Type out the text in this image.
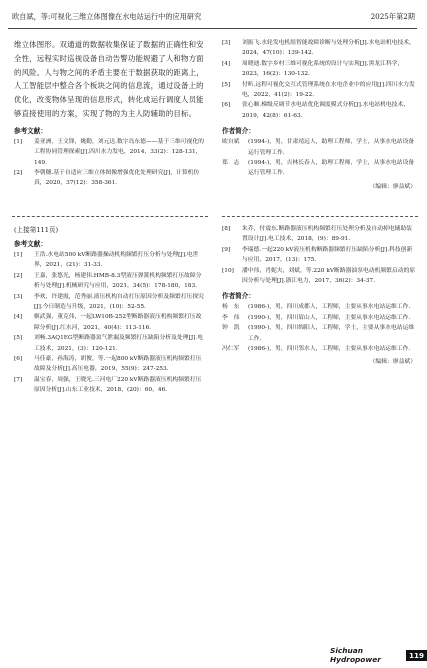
欧自斌，等:可视化三维立体图像在水电站运行中的应用研究	2025年第2期

维立体图形。双通道的数据收集保证了数据的正确性和安全性，远程实时巡视设备自动告警功能规避了人和物方面的风险。人与物之间的矛盾主要在于数据获取的距离上，人工智能层中整合各个板块之间的信息流，通过设备上的优化，改变物体呈现的信息形式，转化成运行调度人员能够直接使用的方案，实现了物的为主人防辅助的目标。

参考文献：
[1]	姜亚洲，王文锋，姚勤，刘元达.数字岛东德——基于三维可视化的工程协同管理探索[J].四川水力发电，2014，33(2)：128-131，149.
[2]	李朝穗.基于自适应三维立体图像增强优化处理研究[J]，计算机仿真，2020，37(12)：358-361.
[3]	刘振飞.水轮发电机组智能故障诊断与处理分析[J].水电站机电技术，2024，47(10)：139-142.
[4]	周晓迪.数字乡村三维可视化系统的设计与实现[J].黑龙江科学，2023，16(2)：130-132.
[5]	付昕.远程可视化交互式管理系统在水电企业中的应用[J].四川水力发电，2022，41(2)：19-22.
[6]	张心顺.梯级反调节水电站优化调度模式分析[J].水电站机电技术，2019，42(8)：61-63.
作者简介：
欧自斌	(1994-)，男，甘肃靖远人，助理工程师，学士，从事水电站设备运行管理工作.
郑　志	(1994-)，男，吉林长春人，助理工程师，学士，从事水电站设备运行管理工作.
（编辑：廖益斌）
(上接第111页)
参考文献：
[1]	王浩.水电站500 kV断路器操动机构频繁打压分析与处理[J].电世界，2021，(21)：31-33.
[2]	王嘉，张悠光，杨建伟.HMB-8.3型液压弹簧机构频繁打压故障分析与处理[J].机械研究与应用，2021，34(5)：178-180，183.
[3]	李欢，许建霞，范秀丽.液压机构自动打压原因分析及频繁打压探究[J].今日制造与升级，2021，(10)：52-55.
[4]	姬武强，董克伟，一起LW10B-252型断路器液压机构频繁打压故障分析[J].红水河，2021，40(4)：113-116.
[5]	刘畅.3AQ1EG型断路器氮气泄漏及频繁打压缺陷分析及处理[J].电工技术，2021，(3)：120-121.
[6]	马佳豪，孙海涛，胡俊，等.一起800 kV断路器液压机构频繁打压故障及分析[J].高压电器，2019，55(9)：247-253.
[7]	温宝春，周强，王晓光.三河电厂220 kV断路器液压机构频繁打压原因分析[J].山东工业技术，2018，(20)：60，46.
[8]	朱乔，付震东.断路器液压机构频繁打压处理分析及自动掉电辅助装置设计[J].电工技术，2018，(9)：89-91.
[9]	李瑞德.一起220 kV液压机构断路器频繁打压缺陷分析[J].科技创新与应用，2017，(13)：175.
[10]	潘中伟，肖妮夫，刘斌，等.220 kV断路器油泵电动机频繁启动的原因分析与处理[J].浙江电力，2017，36(2)：34-37.
作者简介：
杨　东	(1986-)，男，四川成都人，工程师，主要从事水电站运维工作.
李　伟	(1990-)，男，四川眉山人，工程师，主要从事水电站运维工作.
钟　凯	(1990-)，男，四川绵阳人，工程师，学士，主要从事水电站运维工作.
冯仁军	(1986-)，男，四川邻水人，工程师，主要从事水电站运维工作.
（编辑：廖益斌）
Sichuan Hydropower	119
